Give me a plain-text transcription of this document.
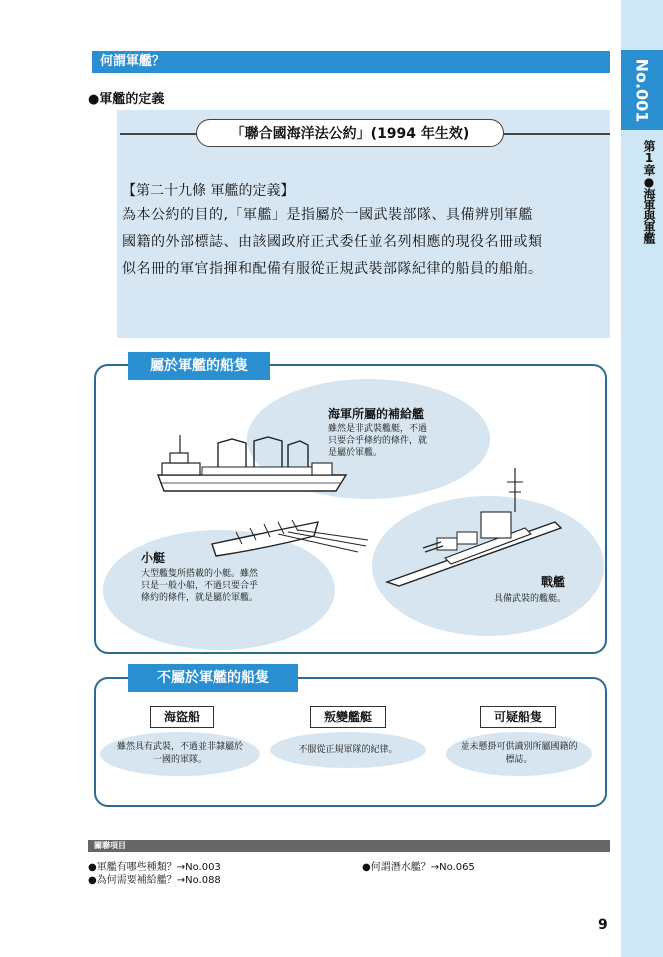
No.001
第1章●海軍與軍艦
何謂軍艦？
●軍艦的定義
「聯合國海洋法公約」(1994 年生效)
【第二十九條 軍艦的定義】
為本公約的目的,「軍艦」是指屬於一國武裝部隊、具備辨別軍艦
國籍的外部標誌、由該國政府正式委任並名列相應的現役名冊或類
似名冊的軍官指揮和配備有服從正規武裝部隊紀律的船員的船舶。
屬於軍艦的船隻
海軍所屬的補給艦
雖然是非武裝艦艇，不過
只要合乎條約的條件，就
是屬於軍艦。
小艇
大型艦隻所搭載的小艇。雖然
只是一般小船，不過只要合乎
條約的條件，就是屬於軍艦。
戰艦
具備武裝的艦艇。
不屬於軍艦的船隻
海盜船
雖然具有武裝，不過並非隸屬於一國的軍隊。
叛變艦艇
不服從正規軍隊的紀律。
可疑船隻
並未懸掛可供識別所屬國籍的標誌。
關聯項目
●軍艦有哪些種類？→No.003
●為何需要補給艦？→No.088
●何謂潛水艦？→No.065
9
